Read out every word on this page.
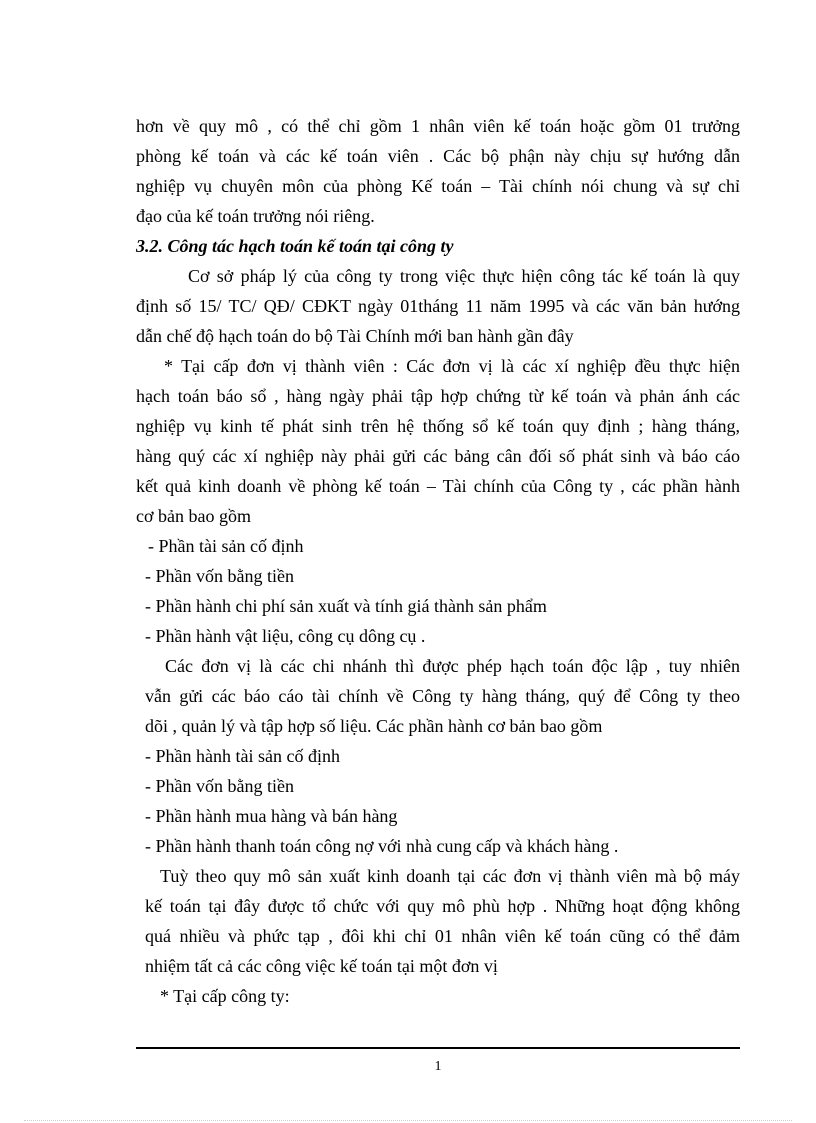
hơn về quy mô , có thể chỉ gồm 1 nhân viên kế toán hoặc gồm 01 trưởng
phòng kế toán và các kế toán viên . Các bộ phận này chịu sự hướng dẫn
nghiệp vụ chuyên môn của phòng Kế toán – Tài chính nói chung và sự chỉ
đạo của kế toán trưởng nói riêng.
3.2. Công tác hạch toán kế toán tại công ty
Cơ sở pháp lý của công ty trong việc thực hiện công tác kế toán là quy
định số 15/ TC/ QĐ/ CĐKT ngày 01tháng 11 năm 1995 và các văn bản hướng
dẫn chế độ hạch toán do bộ Tài Chính mới ban hành gần đây
* Tại cấp đơn vị thành viên : Các đơn vị là các xí nghiệp đều thực hiện
hạch toán báo sổ , hàng ngày phải tập hợp chứng từ kế toán và phản ánh các
nghiệp vụ kinh tế phát sinh trên hệ thống sổ kế toán quy định ; hàng tháng,
hàng quý các xí nghiệp này phải gửi các bảng cân đối số phát sinh và báo cáo
kết quả kinh doanh về phòng kế toán – Tài chính của Công ty , các phần hành
cơ bản bao gồm
- Phần tài sản cố định
- Phần vốn bằng tiền
- Phần hành chi phí sản xuất và tính giá thành sản phẩm
- Phần hành vật liệu, công cụ dông cụ .
Các đơn vị là các chi nhánh thì được phép hạch toán độc lập , tuy nhiên
vẫn gửi các báo cáo tài chính về Công ty hàng tháng, quý để Công ty theo
dõi , quản lý và tập hợp số liệu. Các phần hành cơ bản bao gồm
- Phần hành tài sản cố định
- Phần vốn bằng tiền
- Phần hành mua hàng và bán hàng
- Phần hành thanh toán công nợ với nhà cung cấp và khách hàng .
Tuỳ theo quy mô sản xuất kinh doanh tại các đơn vị thành viên mà bộ máy
kế toán tại đây được tổ chức với quy mô phù hợp . Những hoạt động không
quá nhiều và phức tạp , đôi khi chỉ 01 nhân viên kế toán cũng có thể đảm
nhiệm tất cả các công việc kế toán tại một đơn vị
* Tại cấp công ty:
1
